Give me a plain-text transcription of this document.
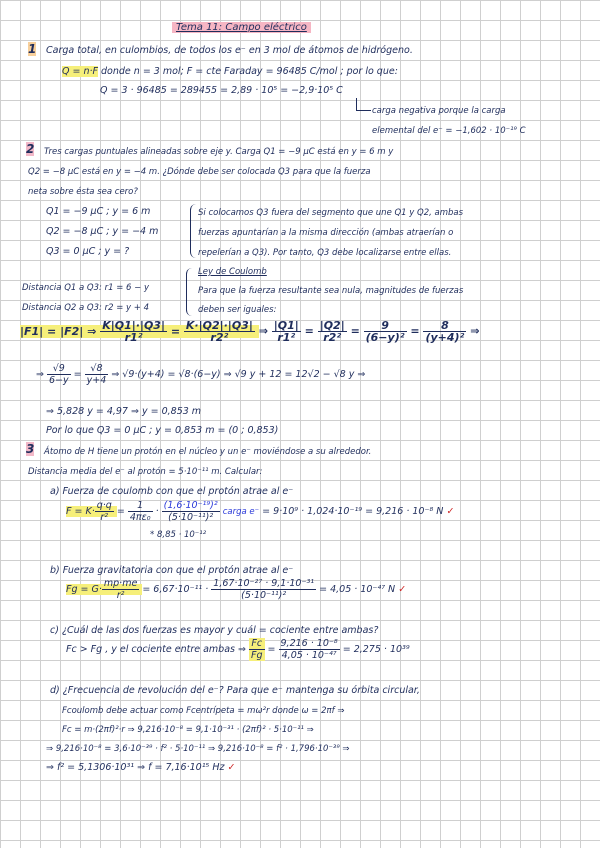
Tema 11: Campo eléctrico
1 Carga total, en culombios, de todos los e⁻ en 3 mol de átomos de hidrógeno.
Q = n·F donde n = 3 mol; F = cte Faraday = 96485 C/mol ; por lo que:
Q = 3 · 96485 = 289455 = 2,89 · 10⁵ = −2,9·10⁵ C
carga negativa porque la carga
elemental del e⁻ = −1,602 · 10⁻¹⁹ C
2 Tres cargas puntuales alineadas sobre eje y. Carga Q1 = −9 µC está en y = 6 m y
Q2 = −8 µC está en y = −4 m. ¿Dónde debe ser colocada Q3 para que la fuerza
neta sobre ésta sea cero?
Q1 = −9 µC ; y = 6 m
Q2 = −8 µC ; y = −4 m
Q3 = 0 µC ; y = ?
Si colocamos Q3 fuera del segmento que une Q1 y Q2, ambas
fuerzas apuntarían a la misma dirección (ambas atraerían o
repelerían a Q3). Por tanto, Q3 debe localizarse entre ellas.
Distancia Q1 a Q3: r1 = 6 − y
Distancia Q2 a Q3: r2 = y + 4
Ley de Coulomb
Para que la fuerza resultante sea nula, magnitudes de fuerzas
deben ser iguales:
|F1| = |F2| ⇒ $\frac{K|Q1|\cdot|Q3|}{\text{r1²}} = \frac{K\cdot|Q2|\cdot|Q3|}{\text{r2²}}$ ⇒ $\frac{|Q1|}{\text{r1²}} = \frac{|Q2|}{\text{r2²}} = \frac{9}{\text{(6−y)²}} = \frac{8}{\text{(y+4)²}}$ ⇒
⇒ $\frac{√9}{6-y} = \frac{√8}{y+4}$ ⇒ √9·(y+4) = √8·(6−y) ⇒ √9 y + 12 = 12√2 − √8 y ⇒
⇒ 5,828 y = 4,97 ⇒ y = 0,853 m
Por lo que Q3 = 0 µC ; y = 0,853 m = (0 ; 0,853)
3 Átomo de H tiene un protón en el núcleo y un e⁻ moviéndose a su alrededor.
Distancia media del e⁻ al protón = 5·10⁻¹¹ m. Calcular:
a) Fuerza de coulomb con que el protón atrae al e⁻
$F = K\cdot \frac{q\cdot q}{\text{r²}} = \frac{1}{\text{4πε₀}} \cdot \frac{\text{(1,6·10⁻¹⁹)²}}{\text{(5·10⁻¹¹)²}}$ carga e⁻ = 9·10⁹ · 1,024·10⁻¹⁹ = 9,216 · 10⁻⁸ N ✓
* 8,85 · 10⁻¹²
b) Fuerza gravitatoria con que el protón atrae al e⁻
$Fg = G\cdot \frac{mp\cdot me}{\text{r²}} = 6,67\cdot 10^{-11} \cdot \frac{\text{1,67·10⁻²⁷ · 9,1·10⁻³¹}}{\text{(5·10⁻¹¹)²}} = 4,05 \cdot 10^{-47}$ N ✓
c) ¿Cuál de las dos fuerzas es mayor y cuál = cociente entre ambas?
Fc > Fg , y el cociente entre ambas ⇒ $\frac{Fc}{Fg} = \frac{\text{9,216 · 10⁻⁸}}{\text{4,05 · 10⁻⁴⁷}} = 2,275 \cdot 10^{39}$
d) ¿Frecuencia de revolución del e⁻? Para que e⁻ mantenga su órbita circular,
Fcoulomb debe actuar como Fcentrípeta = mω²r donde ω = 2πf ⇒
Fc = m·(2πf)²·r ⇒ 9,216·10⁻⁸ = 9,1·10⁻³¹ · (2πf)² · 5·10⁻¹¹ ⇒
⇒ 9,216·10⁻⁸ = 3,6·10⁻³⁹ · f² · 5·10⁻¹¹ ⇒ 9,216·10⁻⁸ = f² · 1,796·10⁻³⁹ ⇒
⇒ f² = 5,1306·10³¹ ⇒ f = 7,16·10¹⁵ Hz ✓
